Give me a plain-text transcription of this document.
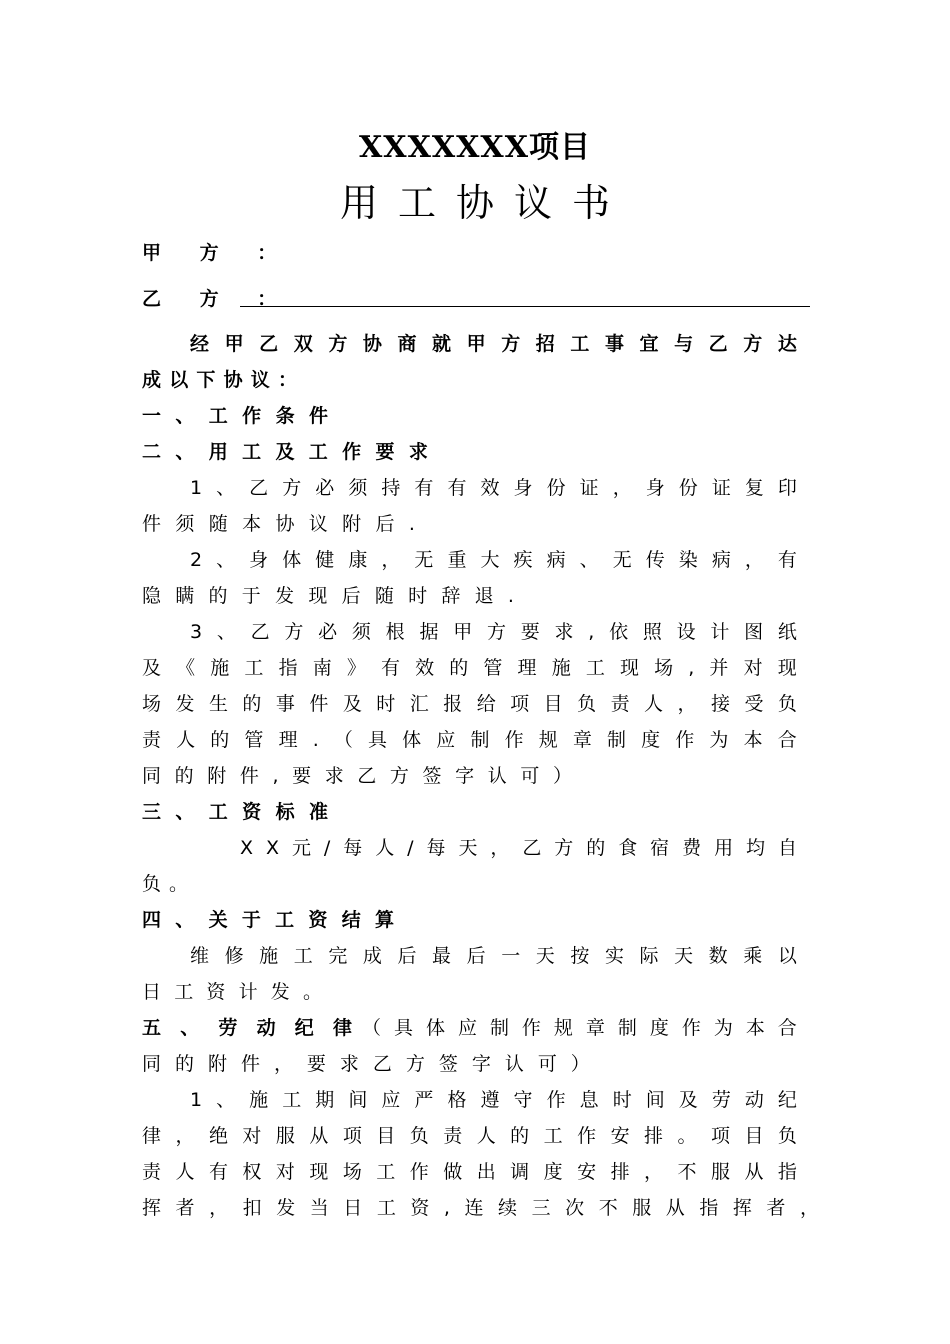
XXXXXXX项目
用工协议书
甲 方 ：
乙 方 ：
经 甲 乙 双 方 协 商 就 甲 方 招 工 事 宜 与 乙 方 达
成 以 下 协 议 ：
一 、 工 作 条 件
二 、 用 工 及 工 作 要 求
1 、 乙 方 必 须 持 有 有 效 身 份 证 ， 身 份 证 复 印
件 须 随 本 协 议 附 后 .
2 、 身 体 健 康 ， 无 重 大 疾 病 、 无 传 染 病 ， 有
隐 瞒 的 于 发 现 后 随 时 辞 退 .
3 、 乙 方 必 须 根 据 甲 方 要 求 , 依 照 设 计 图 纸
及 《 施 工 指 南 》 有 效 的 管 理 施 工 现 场 , 并 对 现
场 发 生 的 事 件 及 时 汇 报 给 项 目 负 责 人 ， 接 受 负
责 人 的 管 理 . （ 具 体 应 制 作 规 章 制 度 作 为 本 合
同 的 附 件 , 要 求 乙 方 签 字 认 可 ）
三 、 工 资 标 准
X X 元 / 每 人 / 每 天 ， 乙 方 的 食 宿 费 用 均 自
负 。
四 、 关 于 工 资 结 算
维 修 施 工 完 成 后 最 后 一 天 按 实 际 天 数 乘 以
日 工 资 计 发 。
五 、 劳 动 纪 律 （ 具 体 应 制 作 规 章 制 度 作 为 本 合
同 的 附 件 ， 要 求 乙 方 签 字 认 可 ）
1 、 施 工 期 间 应 严 格 遵 守 作 息 时 间 及 劳 动 纪
律 ， 绝 对 服 从 项 目 负 责 人 的 工 作 安 排 。 项 目 负
责 人 有 权 对 现 场 工 作 做 出 调 度 安 排 ， 不 服 从 指
挥 者 ， 扣 发 当 日 工 资 , 连 续 三 次 不 服 从 指 挥 者 ，
